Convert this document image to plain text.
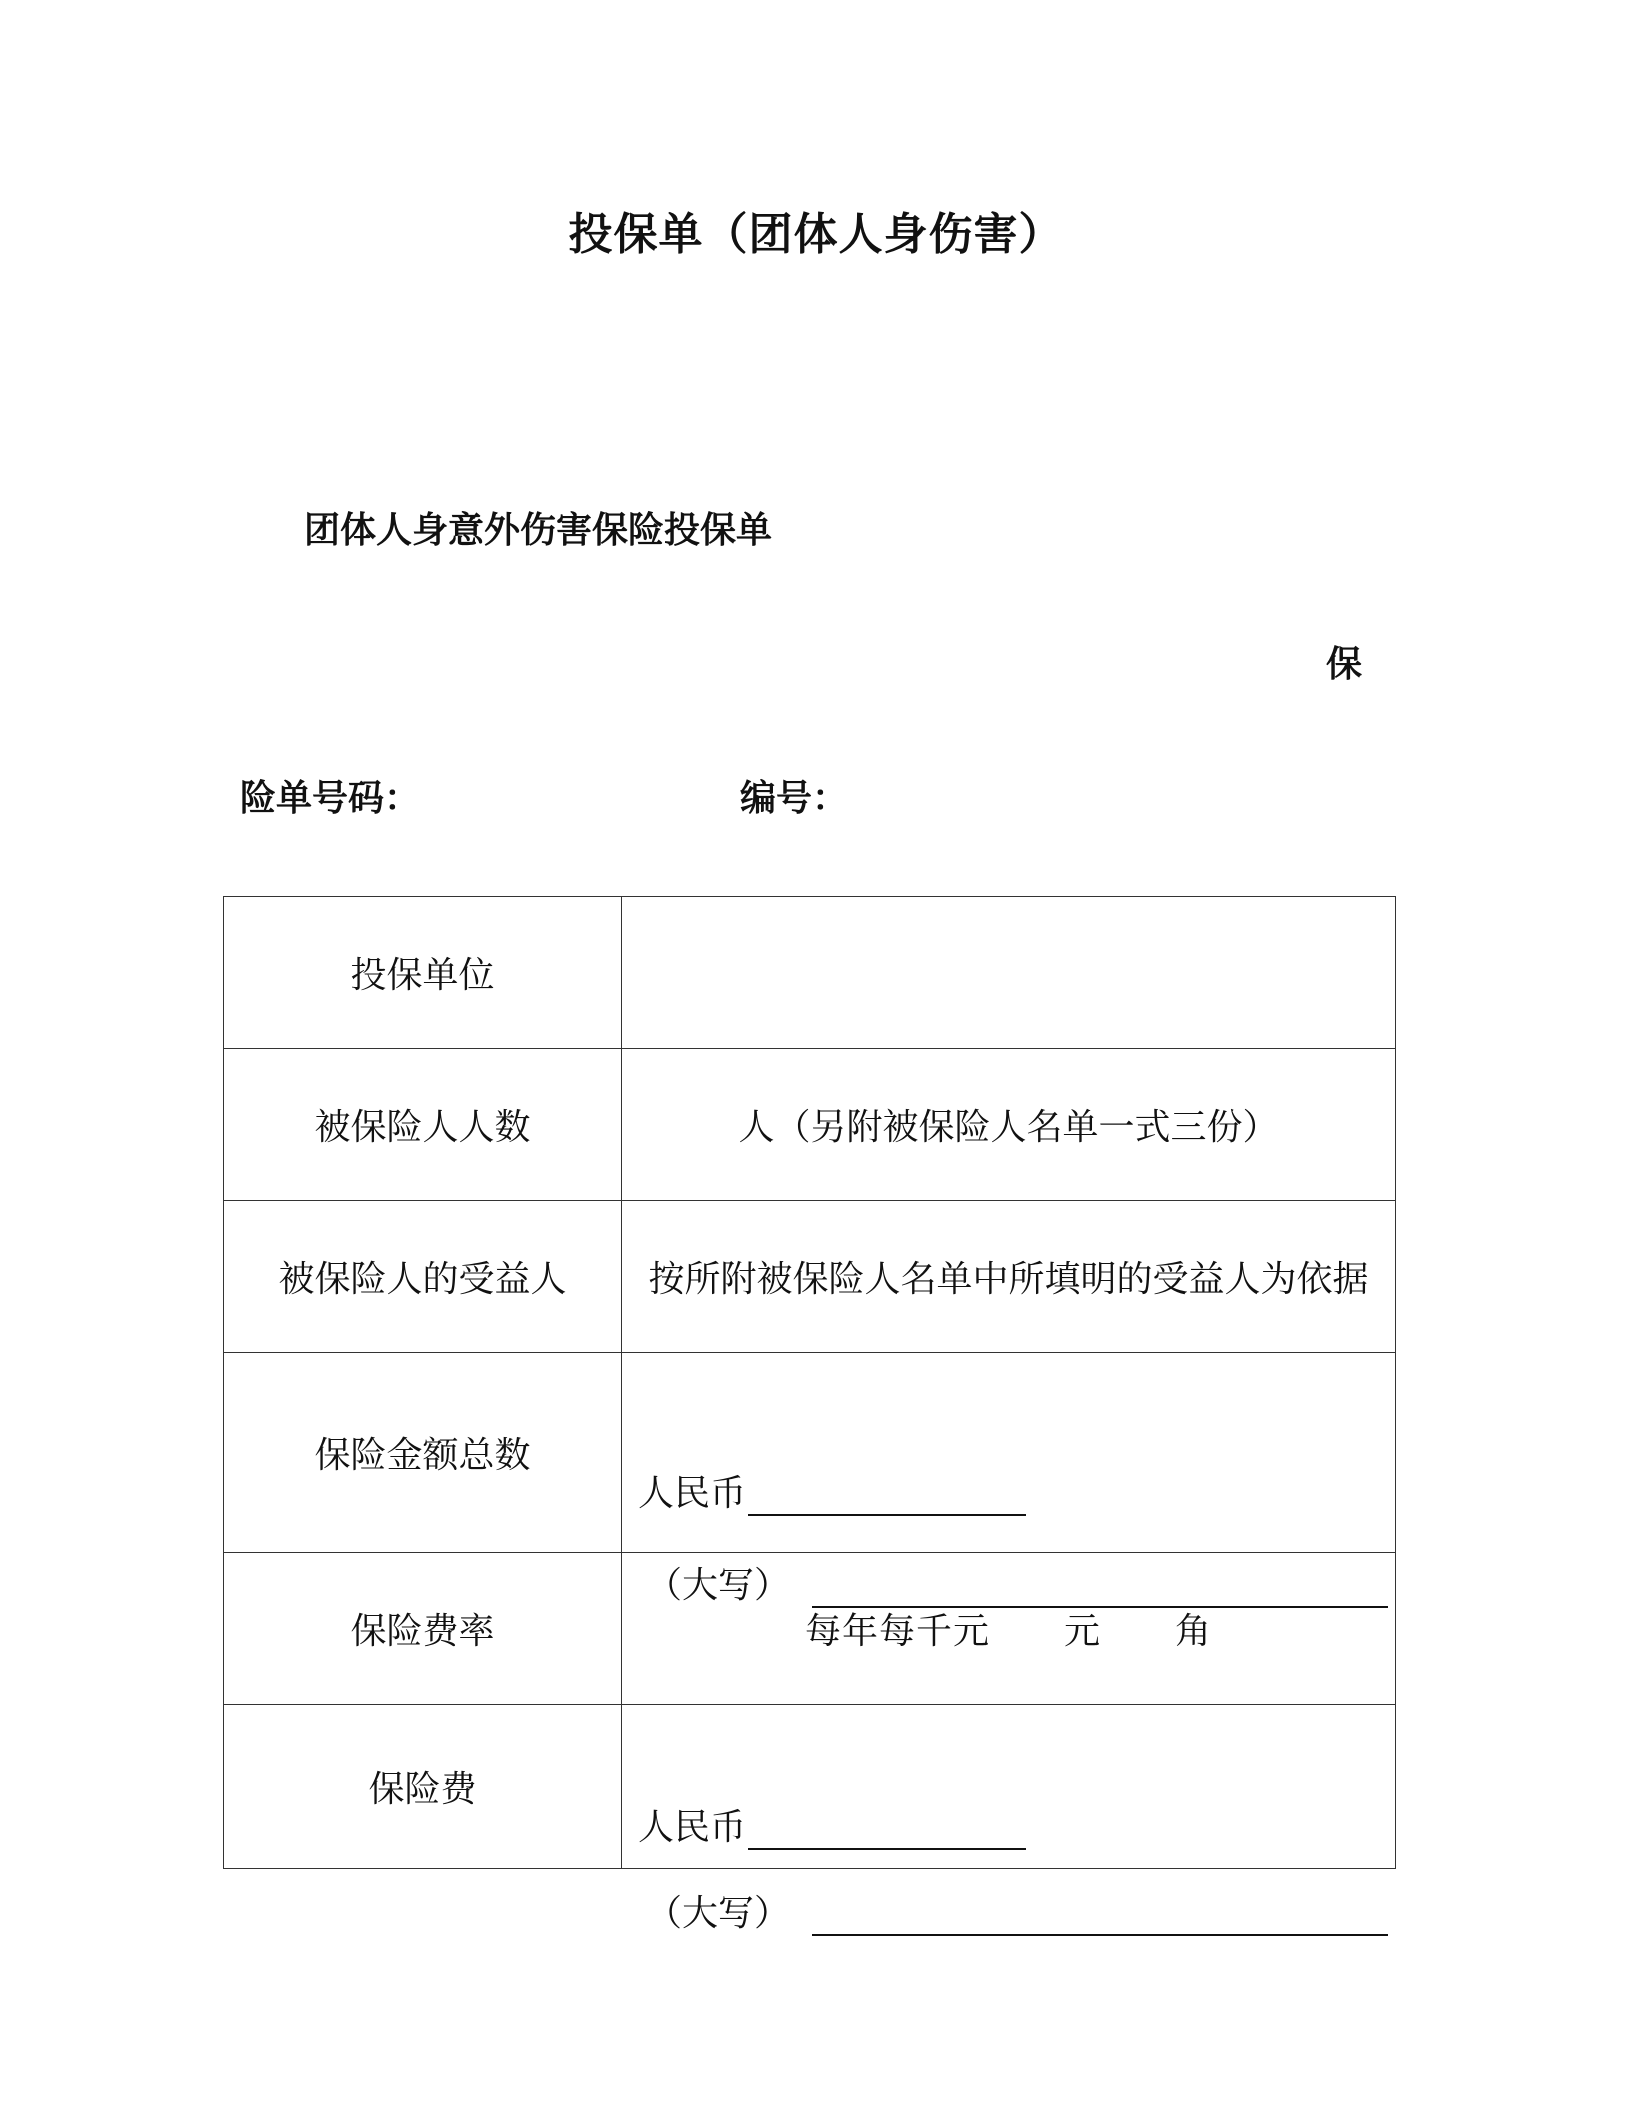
投保单（团体人身伤害）
团体人身意外伤害保险投保单
保
险单号码：	编号：
投保单位	
被保险人人数	人（另附被保险人名单一式三份）
被保险人的受益人	按所附被保险人名单中所填明的受益人为依据
保险金额总数	人民币
（大写）

保险费率	每年每千元　　元　　角
保险费	人民币
（大写）
